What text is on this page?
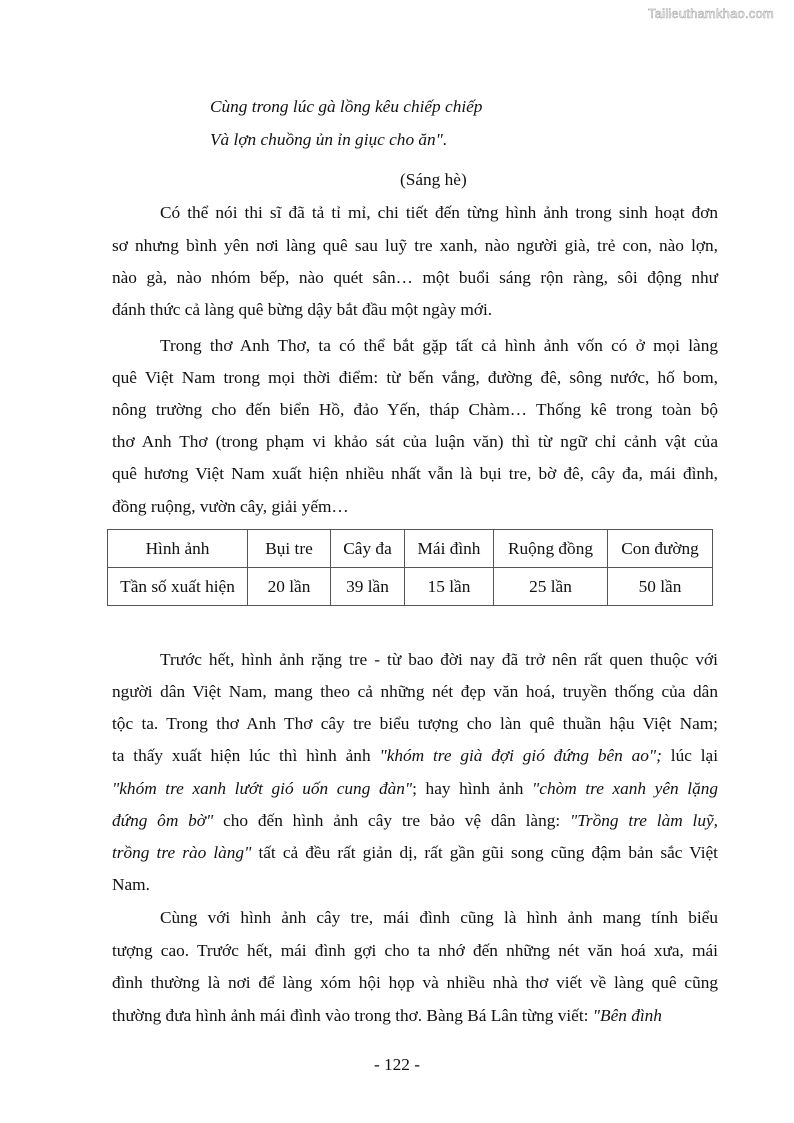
Tailieuthamkhao.com
Cùng trong lúc gà lồng kêu chiếp chiếp
Và lợn chuồng ủn ỉn giục cho ăn".
(Sáng hè)
Có thể nói thi sĩ đã tả tỉ mỉ, chi tiết đến từng hình ảnh trong sinh hoạt đơn
sơ nhưng bình yên nơi làng quê sau luỹ tre xanh, nào người già, trẻ con, nào lợn,
nào gà, nào nhóm bếp, nào quét sân… một buổi sáng rộn ràng, sôi động như
đánh thức cả làng quê bừng dậy bắt đầu một ngày mới.
Trong thơ Anh Thơ, ta có thể bắt gặp tất cả hình ảnh vốn có ở mọi làng
quê Việt Nam trong mọi thời điểm: từ bến vắng, đường đê, sông nước, hố bom,
nông trường cho đến biển Hồ, đảo Yến, tháp Chàm… Thống kê trong toàn bộ
thơ Anh Thơ (trong phạm vi khảo sát của luận văn) thì từ ngữ chỉ cảnh vật của
quê hương Việt Nam xuất hiện nhiều nhất vẫn là bụi tre, bờ đê, cây đa, mái đình,
đồng ruộng, vườn cây, giải yếm…
Trước hết, hình ảnh rặng tre - từ bao đời nay đã trở nên rất quen thuộc với
người dân Việt Nam, mang theo cả những nét đẹp văn hoá, truyền thống của dân
tộc ta. Trong thơ Anh Thơ cây tre biểu tượng cho làn quê thuần hậu Việt Nam;
ta thấy xuất hiện lúc thì hình ảnh "khóm tre già đợi gió đứng bên ao"; lúc lại
"khóm tre xanh lướt gió uốn cung đàn"; hay hình ảnh "chòm tre xanh yên lặng
đứng ôm bờ" cho đến hình ảnh cây tre bảo vệ dân làng: "Trồng tre làm luỹ,
trồng tre rào làng" tất cả đều rất giản dị, rất gần gũi song cũng đậm bản sắc Việt
Nam.
Cùng với hình ảnh cây tre, mái đình cũng là hình ảnh mang tính biểu
tượng cao. Trước hết, mái đình gợi cho ta nhớ đến những nét văn hoá xưa, mái
đình thường là nơi để làng xóm hội họp và nhiều nhà thơ viết về làng quê cũng
thường đưa hình ảnh mái đình vào trong thơ. Bàng Bá Lân từng viết: "Bên đình
Hình ảnh	Bụi tre	Cây đa	Mái đình	Ruộng đồng	Con đường
Tần số xuất hiện	20 lần	39 lần	15 lần	25 lần	50 lần
- 122 -
